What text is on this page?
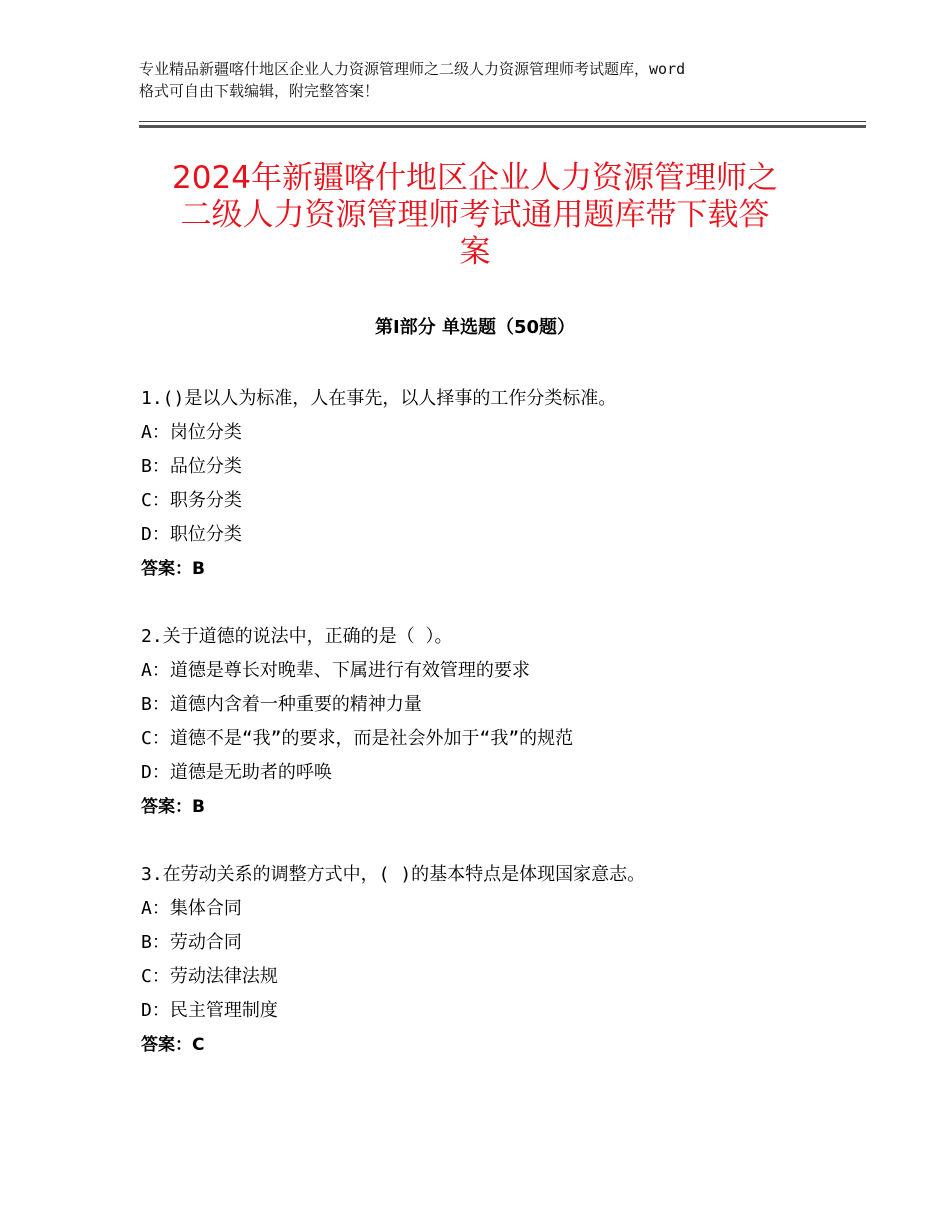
专业精品新疆喀什地区企业人力资源管理师之二级人力资源管理师考试题库，word
格式可自由下载编辑，附完整答案！
2024年新疆喀什地区企业人力资源管理师之
二级人力资源管理师考试通用题库带下载答
案
第Ⅰ部分 单选题（50题）
1.()是以人为标准，人在事先，以人择事的工作分类标准。
A：岗位分类
B：品位分类
C：职务分类
D：职位分类
答案：B
2.关于道德的说法中，正确的是（ ）。
A：道德是尊长对晚辈、下属进行有效管理的要求
B：道德内含着一种重要的精神力量
C：道德不是“我”的要求，而是社会外加于“我”的规范
D：道德是无助者的呼唤
答案：B
3.在劳动关系的调整方式中，( )的基本特点是体现国家意志。
A：集体合同
B：劳动合同
C：劳动法律法规
D：民主管理制度
答案：C
